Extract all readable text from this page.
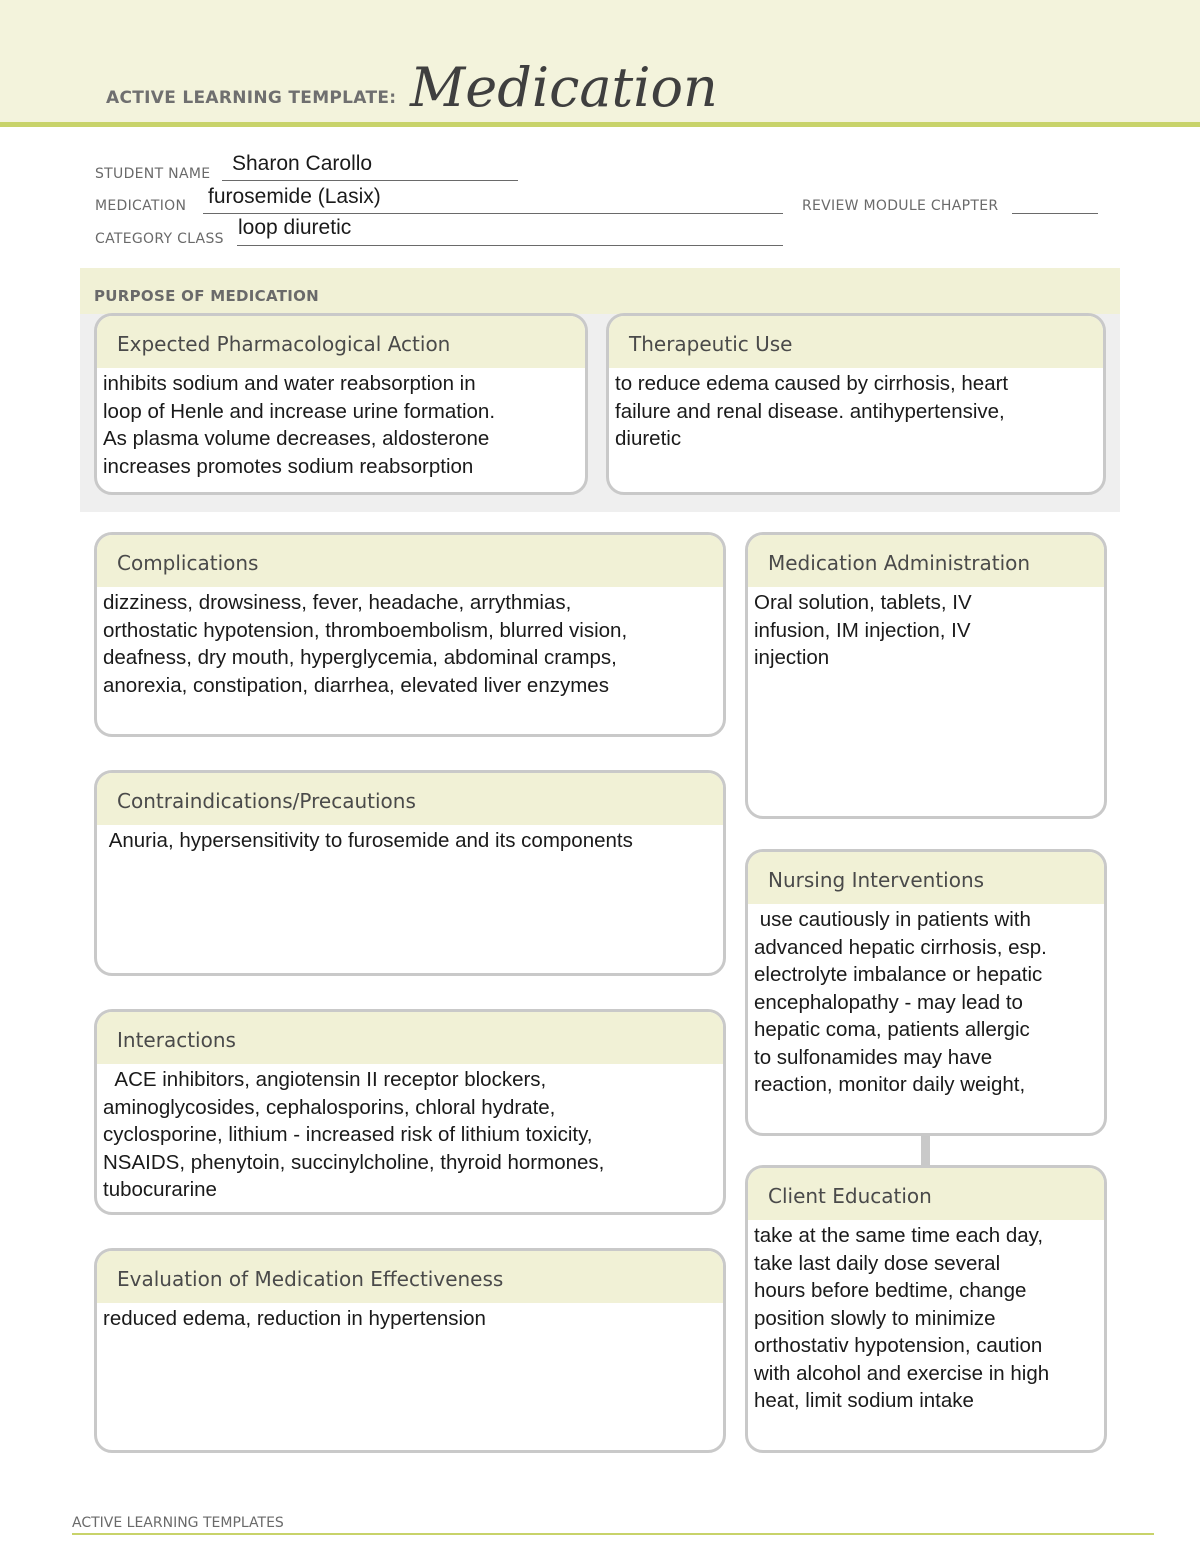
ACTIVE LEARNING TEMPLATE: Medication
STUDENT NAME Sharon Carollo
MEDICATION furosemide (Lasix)	REVIEW MODULE CHAPTER
CATEGORY CLASS loop diuretic
PURPOSE OF MEDICATION
Expected Pharmacological Action
inhibits sodium and water reabsorption in
loop of Henle and increase urine formation.
As plasma volume decreases, aldosterone
increases promotes sodium reabsorption
Therapeutic Use
to reduce edema caused by cirrhosis, heart
failure and renal disease. antihypertensive,
diuretic
Complications
dizziness, drowsiness, fever, headache, arrythmias,
orthostatic hypotension, thromboembolism, blurred vision,
deafness, dry mouth, hyperglycemia, abdominal cramps,
anorexia, constipation, diarrhea, elevated liver enzymes
Contraindications/Precautions
Anuria, hypersensitivity to furosemide and its components
Interactions
ACE inhibitors, angiotensin II receptor blockers,
aminoglycosides, cephalosporins, chloral hydrate,
cyclosporine, lithium - increased risk of lithium toxicity,
NSAIDS, phenytoin, succinylcholine, thyroid hormones,
tubocurarine
Evaluation of Medication Effectiveness
reduced edema, reduction in hypertension
Medication Administration
Oral solution, tablets, IV
infusion, IM injection, IV
injection
Nursing Interventions
use cautiously in patients with
advanced hepatic cirrhosis, esp.
electrolyte imbalance or hepatic
encephalopathy - may lead to
hepatic coma, patients allergic
to sulfonamides may have
reaction, monitor daily weight,
Client Education
take at the same time each day,
take last daily dose several
hours before bedtime, change
position slowly to minimize
orthostativ hypotension, caution
with alcohol and exercise in high
heat, limit sodium intake
ACTIVE LEARNING TEMPLATES
